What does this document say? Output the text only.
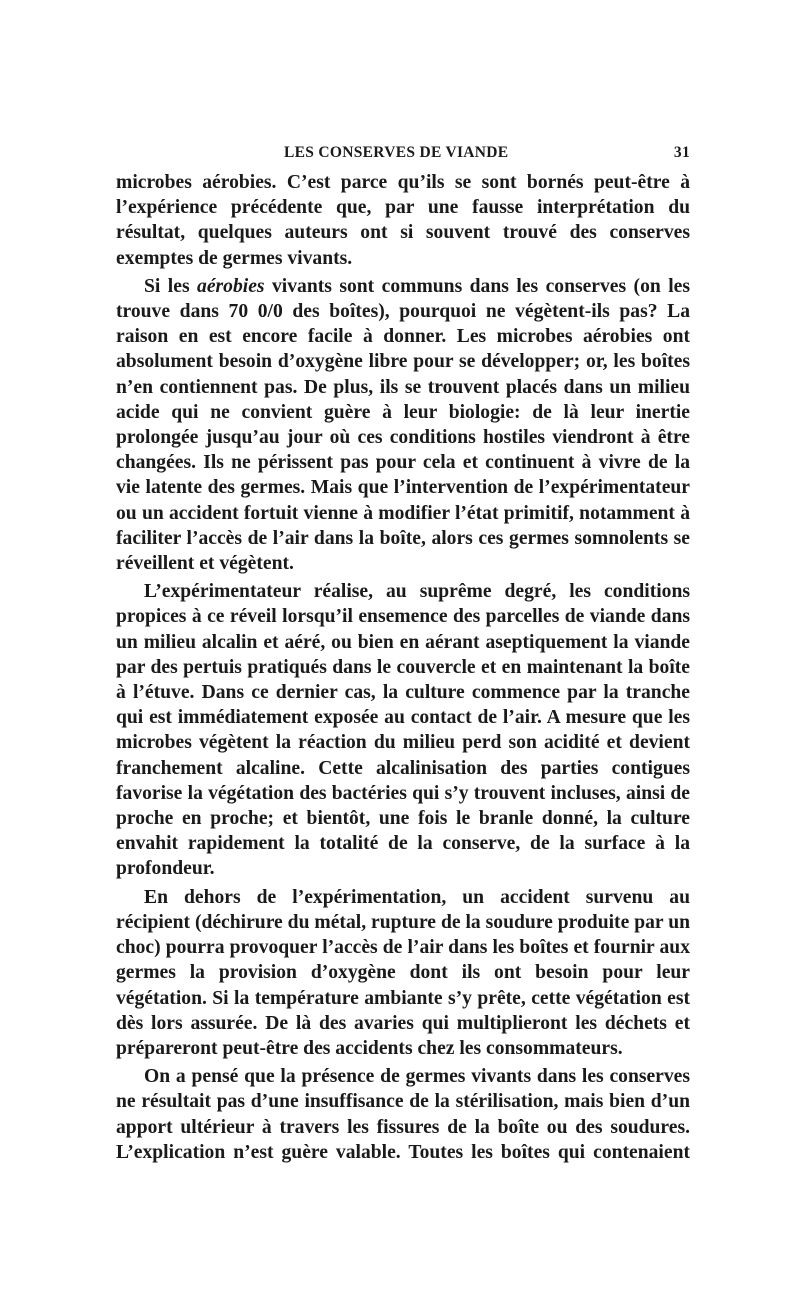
LES CONSERVES DE VIANDE	31

microbes aérobies. C’est parce qu’ils se sont bornés peut-être à l’expérience précédente que, par une fausse interprétation du résultat, quelques auteurs ont si souvent trouvé des conserves exemptes de germes vivants.

Si les aérobies vivants sont communs dans les conserves (on les trouve dans 70 0/0 des boîtes), pourquoi ne végètent-ils pas? La raison en est encore facile à donner. Les microbes aérobies ont absolument besoin d’oxygène libre pour se développer; or, les boîtes n’en contiennent pas. De plus, ils se trouvent placés dans un milieu acide qui ne convient guère à leur biologie: de là leur inertie prolongée jusqu’au jour où ces conditions hostiles viendront à être changées. Ils ne périssent pas pour cela et continuent à vivre de la vie latente des germes. Mais que l’intervention de l’expérimentateur ou un accident fortuit vienne à modifier l’état primitif, notamment à faciliter l’accès de l’air dans la boîte, alors ces germes somnolents se réveillent et végètent.

L’expérimentateur réalise, au suprême degré, les conditions propices à ce réveil lorsqu’il ensemence des parcelles de viande dans un milieu alcalin et aéré, ou bien en aérant aseptiquement la viande par des pertuis pratiqués dans le couvercle et en maintenant la boîte à l’étuve. Dans ce dernier cas, la culture commence par la tranche qui est immédiatement exposée au contact de l’air. A mesure que les microbes végètent la réaction du milieu perd son acidité et devient franchement alcaline. Cette alcalinisation des parties contigues favorise la végétation des bactéries qui s’y trouvent incluses, ainsi de proche en proche; et bientôt, une fois le branle donné, la culture envahit rapidement la totalité de la conserve, de la surface à la profondeur.

En dehors de l’expérimentation, un accident survenu au récipient (déchirure du métal, rupture de la soudure produite par un choc) pourra provoquer l’accès de l’air dans les boîtes et fournir aux germes la provision d’oxygène dont ils ont besoin pour leur végétation. Si la température ambiante s’y prête, cette végétation est dès lors assurée. De là des avaries qui multiplieront les déchets et prépareront peut-être des accidents chez les consommateurs.

On a pensé que la présence de germes vivants dans les conserves ne résultait pas d’une insuffisance de la stérilisation, mais bien d’un apport ultérieur à travers les fissures de la boîte ou des soudures. L’explication n’est guère valable. Toutes les boîtes qui contenaient
